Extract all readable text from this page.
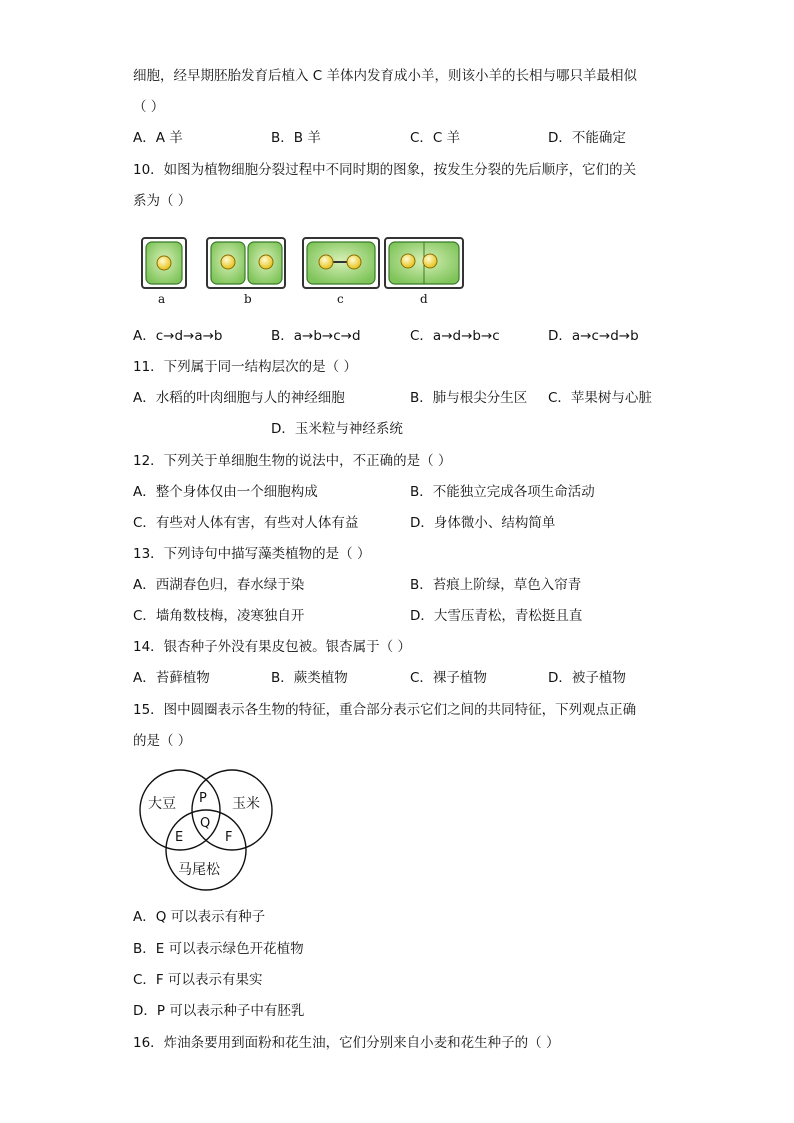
细胞，经早期胚胎发育后植入 C 羊体内发育成小羊，则该小羊的长相与哪只羊最相似
（ ）
A．A 羊	B．B 羊	C．C 羊	D．不能确定
10．如图为植物细胞分裂过程中不同时期的图象，按发生分裂的先后顺序，它们的关
系为（ ）
a	b	c	d
A．c→d→a→b	B．a→b→c→d	C．a→d→b→c	D．a→c→d→b
11．下列属于同一结构层次的是（ ）
A．水稻的叶肉细胞与人的神经细胞	B．肺与根尖分生区 C．苹果树与心脏
D．玉米粒与神经系统
12．下列关于单细胞生物的说法中，不正确的是（ ）
A．整个身体仅由一个细胞构成	B．不能独立完成各项生命活动
C．有些对人体有害，有些对人体有益	D．身体微小、结构简单
13．下列诗句中描写藻类植物的是（ ）
A．西湖春色归，春水绿于染	B．苔痕上阶绿，草色入帘青
C．墙角数枝梅，凌寒独自开	D．大雪压青松，青松挺且直
14．银杏种子外没有果皮包被。银杏属于（ ）
A．苔藓植物	B．蕨类植物	C．裸子植物	D．被子植物
15．图中圆圈表示各生物的特征，重合部分表示它们之间的共同特征，下列观点正确
的是（ ）
大豆	玉米
马尾松
P
Q
E	F
A．Q 可以表示有种子
B．E 可以表示绿色开花植物
C．F 可以表示有果实
D．P 可以表示种子中有胚乳
16．炸油条要用到面粉和花生油，它们分别来自小麦和花生种子的（ ）
